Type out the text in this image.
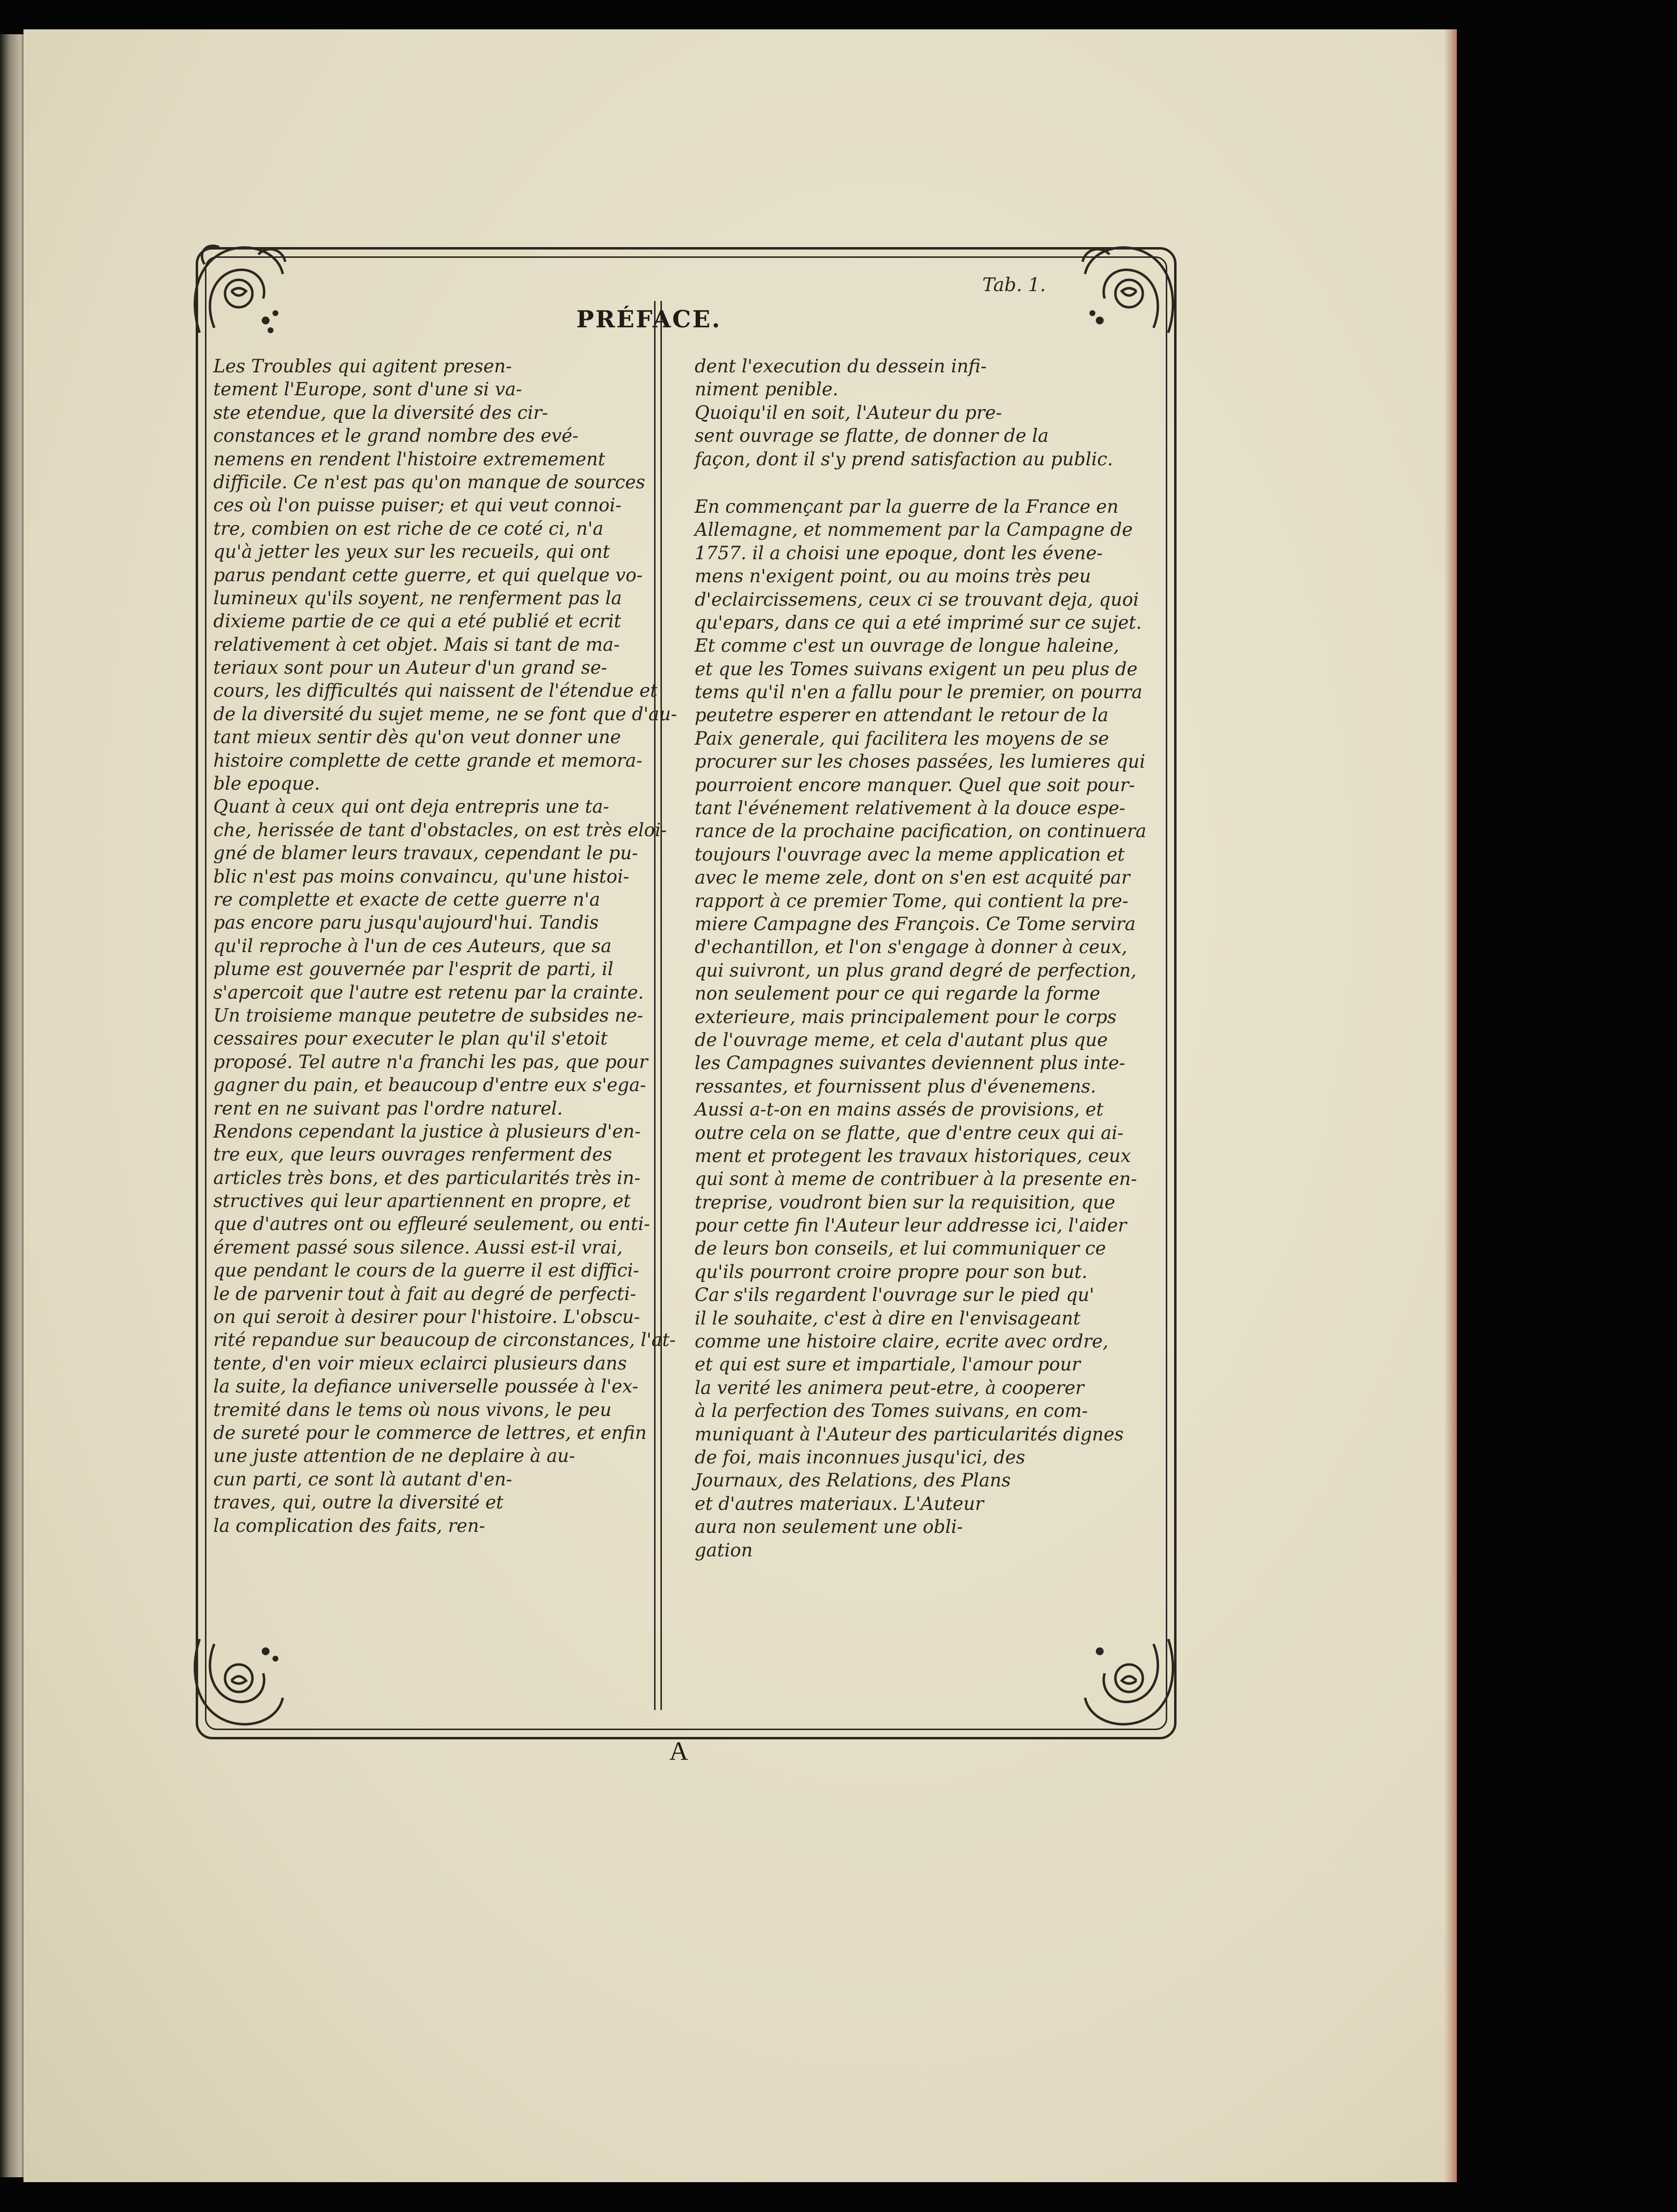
Tab. 1.
PRÉFACE.
Les Troubles qui agitent presen-
tement l'Europe, sont d'une si va-
ste etendue, que la diversité des cir-
constances et le grand nombre des evé-
nemens en rendent l'histoire extremement
difficile. Ce n'est pas qu'on manque de sources
ces où l'on puisse puiser; et qui veut connoi-
tre, combien on est riche de ce coté ci, n'a
qu'à jetter les yeux sur les recueils, qui ont
parus pendant cette guerre, et qui quelque vo-
lumineux qu'ils soyent, ne renferment pas la
dixieme partie de ce qui a eté publié et ecrit
relativement à cet objet. Mais si tant de ma-
teriaux sont pour un Auteur d'un grand se-
cours, les difficultés qui naissent de l'étendue et
de la diversité du sujet meme, ne se font que d'au-
tant mieux sentir dès qu'on veut donner une
histoire complette de cette grande et memora-
ble epoque.
Quant à ceux qui ont deja entrepris une ta-
che, herissée de tant d'obstacles, on est très eloi-
gné de blamer leurs travaux, cependant le pu-
blic n'est pas moins convaincu, qu'une histoi-
re complette et exacte de cette guerre n'a
pas encore paru jusqu'aujourd'hui. Tandis
qu'il reproche à l'un de ces Auteurs, que sa
plume est gouvernée par l'esprit de parti, il
s'apercoit que l'autre est retenu par la crainte.
Un troisieme manque peutetre de subsides ne-
cessaires pour executer le plan qu'il s'etoit
proposé. Tel autre n'a franchi les pas, que pour
gagner du pain, et beaucoup d'entre eux s'ega-
rent en ne suivant pas l'ordre naturel.
Rendons cependant la justice à plusieurs d'en-
tre eux, que leurs ouvrages renferment des
articles très bons, et des particularités très in-
structives qui leur apartiennent en propre, et
que d'autres ont ou effleuré seulement, ou enti-
érement passé sous silence. Aussi est-il vrai,
que pendant le cours de la guerre il est diffici-
le de parvenir tout à fait au degré de perfecti-
on qui seroit à desirer pour l'histoire. L'obscu-
rité repandue sur beaucoup de circonstances, l'at-
tente, d'en voir mieux eclairci plusieurs dans
la suite, la defiance universelle poussée à l'ex-
tremité dans le tems où nous vivons, le peu
de sureté pour le commerce de lettres, et enfin
une juste attention de ne deplaire à au-
cun parti, ce sont là autant d'en-
traves, qui, outre la diversité et
la complication des faits, ren-
dent l'execution du dessein infi-
niment penible.
Quoiqu'il en soit, l'Auteur du pre-
sent ouvrage se flatte, de donner de la
façon, dont il s'y prend satisfaction au public.
En commençant par la guerre de la France en
Allemagne, et nommement par la Campagne de
1757. il a choisi une epoque, dont les évene-
mens n'exigent point, ou au moins très peu
d'eclaircissemens, ceux ci se trouvant deja, quoi
qu'epars, dans ce qui a eté imprimé sur ce sujet.
Et comme c'est un ouvrage de longue haleine,
et que les Tomes suivans exigent un peu plus de
tems qu'il n'en a fallu pour le premier, on pourra
peutetre esperer en attendant le retour de la
Paix generale, qui facilitera les moyens de se
procurer sur les choses passées, les lumieres qui
pourroient encore manquer. Quel que soit pour-
tant l'événement relativement à la douce espe-
rance de la prochaine pacification, on continuera
toujours l'ouvrage avec la meme application et
avec le meme zele, dont on s'en est acquité par
rapport à ce premier Tome, qui contient la pre-
miere Campagne des François. Ce Tome servira
d'echantillon, et l'on s'engage à donner à ceux,
qui suivront, un plus grand degré de perfection,
non seulement pour ce qui regarde la forme
exterieure, mais principalement pour le corps
de l'ouvrage meme, et cela d'autant plus que
les Campagnes suivantes deviennent plus inte-
ressantes, et fournissent plus d'évenemens.
Aussi a-t-on en mains assés de provisions, et
outre cela on se flatte, que d'entre ceux qui ai-
ment et protegent les travaux historiques, ceux
qui sont à meme de contribuer à la presente en-
treprise, voudront bien sur la requisition, que
pour cette fin l'Auteur leur addresse ici, l'aider
de leurs bon conseils, et lui communiquer ce
qu'ils pourront croire propre pour son but.
Car s'ils regardent l'ouvrage sur le pied qu'
il le souhaite, c'est à dire en l'envisageant
comme une histoire claire, ecrite avec ordre,
et qui est sure et impartiale, l'amour pour
la verité les animera peut-etre, à cooperer
à la perfection des Tomes suivans, en com-
muniquant à l'Auteur des particularités dignes
de foi, mais inconnues jusqu'ici, des
Journaux, des Relations, des Plans
et d'autres materiaux. L'Auteur
aura non seulement une obli-
gation
A
